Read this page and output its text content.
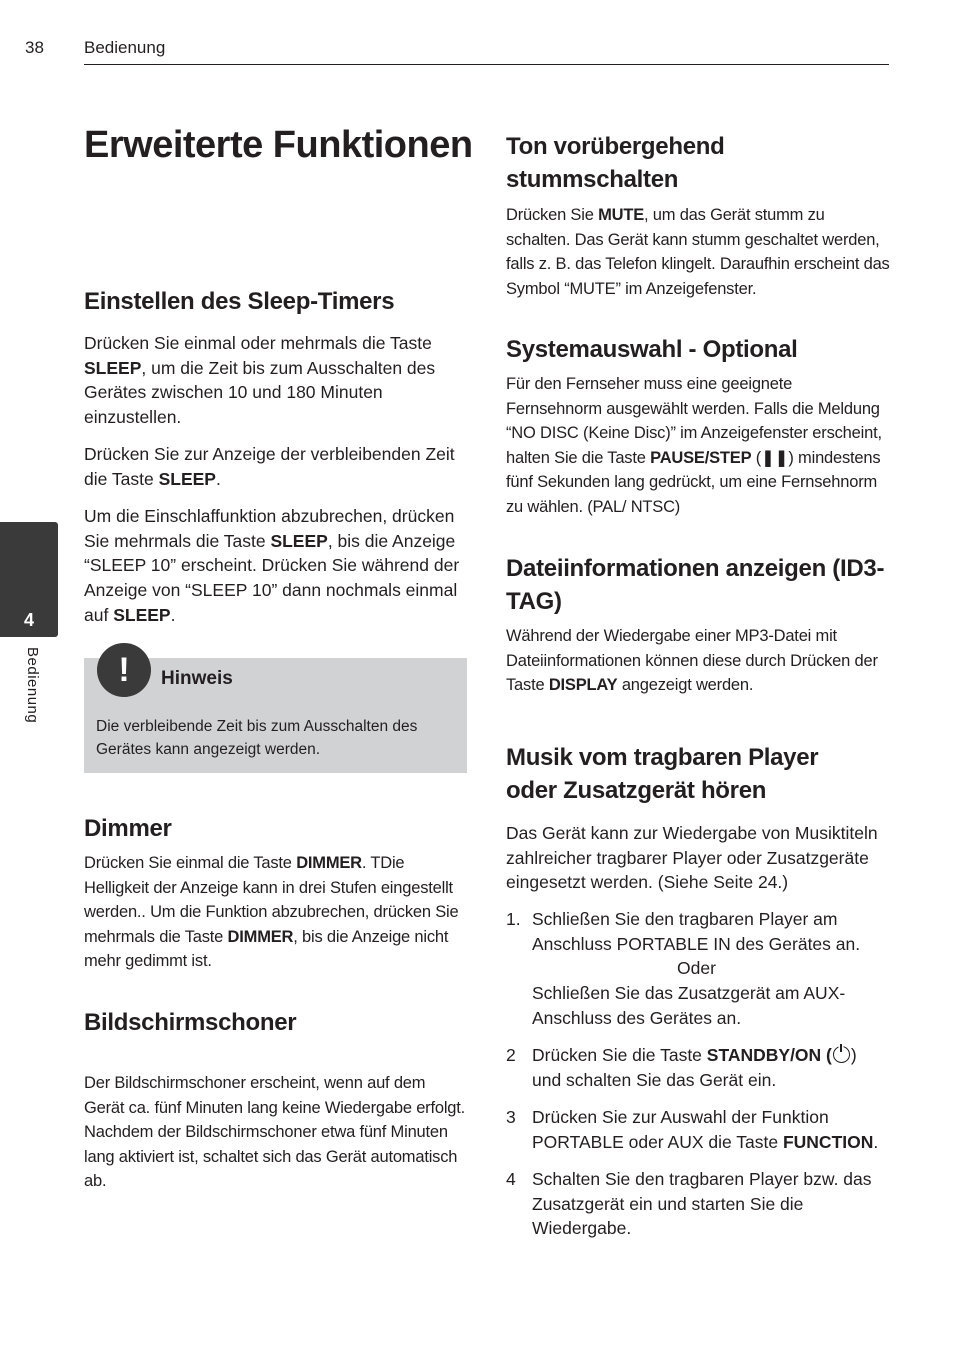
38 Bedienung
4
Bedienung
Erweiterte Funktionen
Einstellen des Sleep-Timers

Drücken Sie einmal oder mehrmals die Taste SLEEP, um die Zeit bis zum Ausschalten des Gerätes zwischen 10 und 180 Minuten einzustellen.

Drücken Sie zur Anzeige der verbleibenden Zeit die Taste SLEEP.

Um die Einschlaffunktion abzubrechen, drücken Sie mehrmals die Taste SLEEP, bis die Anzeige “SLEEP 10” erscheint. Drücken Sie während der Anzeige von “SLEEP 10” dann nochmals einmal auf SLEEP.

!	Hinweis
Die verbleibende Zeit bis zum Ausschalten des Gerätes kann angezeigt werden.
Dimmer

Drücken Sie einmal die Taste DIMMER. TDie Helligkeit der Anzeige kann in drei Stufen eingestellt werden.. Um die Funktion abzubrechen, drücken Sie mehrmals die Taste DIMMER, bis die Anzeige nicht mehr gedimmt ist.

Bildschirmschoner

Der Bildschirmschoner erscheint, wenn auf dem Gerät ca. fünf Minuten lang keine Wiedergabe erfolgt. Nachdem der Bildschirmschoner etwa fünf Minuten lang aktiviert ist, schaltet sich das Gerät automatisch ab.

Ton vorübergehend
stummschalten

Drücken Sie MUTE, um das Gerät stumm zu schalten. Das Gerät kann stumm geschaltet werden, falls z. B. das Telefon klingelt. Daraufhin erscheint das Symbol “MUTE” im Anzeigefenster.

Systemauswahl - Optional

Für den Fernseher muss eine geeignete Fernsehnorm ausgewählt werden. Falls die Meldung “NO DISC (Keine Disc)” im Anzeigefenster erscheint, halten Sie die Taste PAUSE/STEP (❚❚) mindestens fünf Sekunden lang gedrückt, um eine Fernsehnorm zu wählen. (PAL/ NTSC)

Dateiinformationen anzeigen (ID3-
TAG)

Während der Wiedergabe einer MP3-Datei mit Dateiinformationen können diese durch Drücken der Taste DISPLAY angezeigt werden.

Musik vom tragbaren Player
oder Zusatzgerät hören

Das Gerät kann zur Wiedergabe von Musiktiteln zahlreicher tragbarer Player oder Zusatzgeräte eingesetzt werden. (Siehe Seite 24.)

1. Schließen Sie den tragbaren Player am Anschluss PORTABLE IN des Gerätes an.
Oder
Schließen Sie das Zusatzgerät am AUX-Anschluss des Gerätes an.
2 Drücken Sie die Taste STANDBY/ON ( ) und schalten Sie das Gerät ein.

3 Drücken Sie zur Auswahl der Funktion PORTABLE oder AUX die Taste FUNCTION.

4 Schalten Sie den tragbaren Player bzw. das Zusatzgerät ein und starten Sie die Wiedergabe.
